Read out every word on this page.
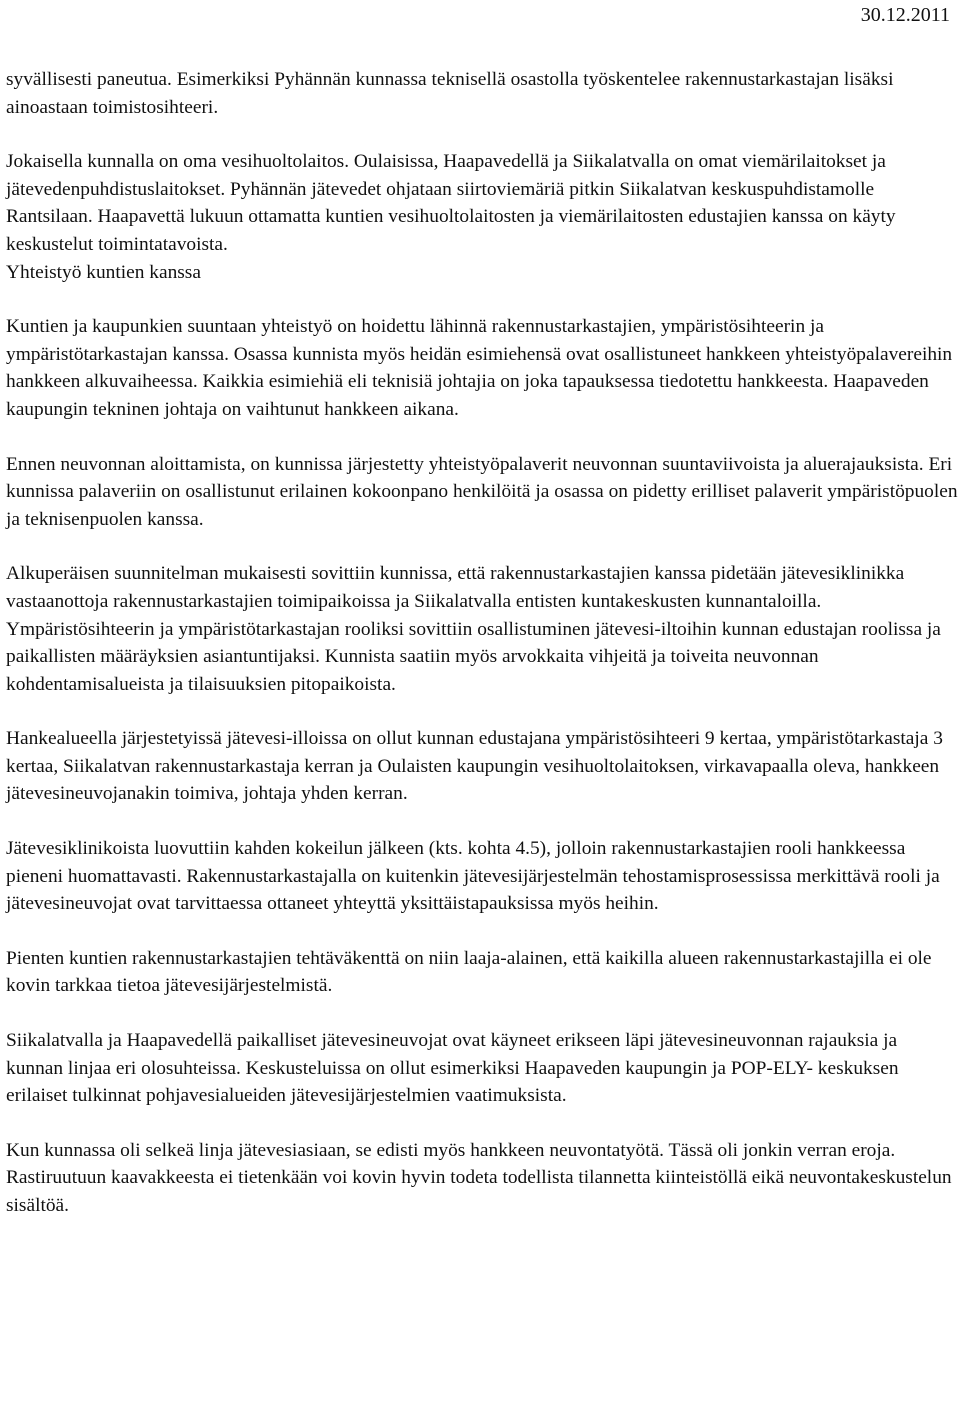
30.12.2011

syvällisesti paneutua. Esimerkiksi Pyhännän kunnassa teknisellä osastolla työskentelee rakennustarkastajan lisäksi ainoastaan toimistosihteeri.

Jokaisella kunnalla on oma vesihuoltolaitos. Oulaisissa, Haapavedellä ja Siikalatvalla on omat viemärilaitokset ja jätevedenpuhdistuslaitokset. Pyhännän jätevedet ohjataan siirtoviemäriä pitkin Siikalatvan keskuspuhdistamolle Rantsilaan. Haapavettä lukuun ottamatta kuntien vesihuoltolaitosten ja viemärilaitosten edustajien kanssa on käyty keskustelut toimintatavoista.

Yhteistyö kuntien kanssa

Kuntien ja kaupunkien suuntaan yhteistyö on hoidettu lähinnä rakennustarkastajien, ympäristösihteerin ja ympäristötarkastajan kanssa. Osassa kunnista myös heidän esimiehensä ovat osallistuneet hankkeen yhteistyöpalavereihin hankkeen alkuvaiheessa. Kaikkia esimiehiä eli teknisiä johtajia on joka tapauksessa tiedotettu hankkeesta. Haapaveden kaupungin tekninen johtaja on vaihtunut hankkeen aikana.

Ennen neuvonnan aloittamista, on kunnissa järjestetty yhteistyöpalaverit neuvonnan suuntaviivoista ja aluerajauksista. Eri kunnissa palaveriin on osallistunut erilainen kokoonpano henkilöitä ja osassa on pidetty erilliset palaverit ympäristöpuolen ja teknisenpuolen kanssa.

Alkuperäisen suunnitelman mukaisesti sovittiin kunnissa, että rakennustarkastajien kanssa pidetään jätevesiklinikka vastaanottoja rakennustarkastajien toimipaikoissa ja Siikalatvalla entisten kuntakeskusten kunnantaloilla. Ympäristösihteerin ja ympäristötarkastajan rooliksi sovittiin osallistuminen jätevesi-iltoihin kunnan edustajan roolissa ja paikallisten määräyksien asiantuntijaksi. Kunnista saatiin myös arvokkaita vihjeitä ja toiveita neuvonnan kohdentamisalueista ja tilaisuuksien pitopaikoista.

Hankealueella järjestetyissä jätevesi-illoissa on ollut kunnan edustajana ympäristösihteeri 9 kertaa, ympäristötarkastaja 3 kertaa, Siikalatvan rakennustarkastaja kerran ja Oulaisten kaupungin vesihuoltolaitoksen, virkavapaalla oleva, hankkeen jätevesineuvojanakin toimiva, johtaja yhden kerran.

Jätevesiklinikoista luovuttiin kahden kokeilun jälkeen (kts. kohta 4.5), jolloin rakennustarkastajien rooli hankkeessa pieneni huomattavasti. Rakennustarkastajalla on kuitenkin jätevesijärjestelmän tehostamisprosessissa merkittävä rooli ja jätevesineuvojat ovat tarvittaessa ottaneet yhteyttä yksittäistapauksissa myös heihin.

Pienten kuntien rakennustarkastajien tehtäväkenttä on niin laaja-alainen, että kaikilla alueen rakennustarkastajilla ei ole kovin tarkkaa tietoa jätevesijärjestelmistä.

Siikalatvalla ja Haapavedellä paikalliset jätevesineuvojat ovat käyneet erikseen läpi jätevesineuvonnan rajauksia ja kunnan linjaa eri olosuhteissa. Keskusteluissa on ollut esimerkiksi Haapaveden kaupungin ja POP-ELY- keskuksen erilaiset tulkinnat pohjavesialueiden jätevesijärjestelmien vaatimuksista.

Kun kunnassa oli selkeä linja jätevesiasiaan, se edisti myös hankkeen neuvontatyötä. Tässä oli jonkin verran eroja. Rastiruutuun kaavakkeesta ei tietenkään voi kovin hyvin todeta todellista tilannetta kiinteistöllä eikä neuvontakeskustelun sisältöä.
